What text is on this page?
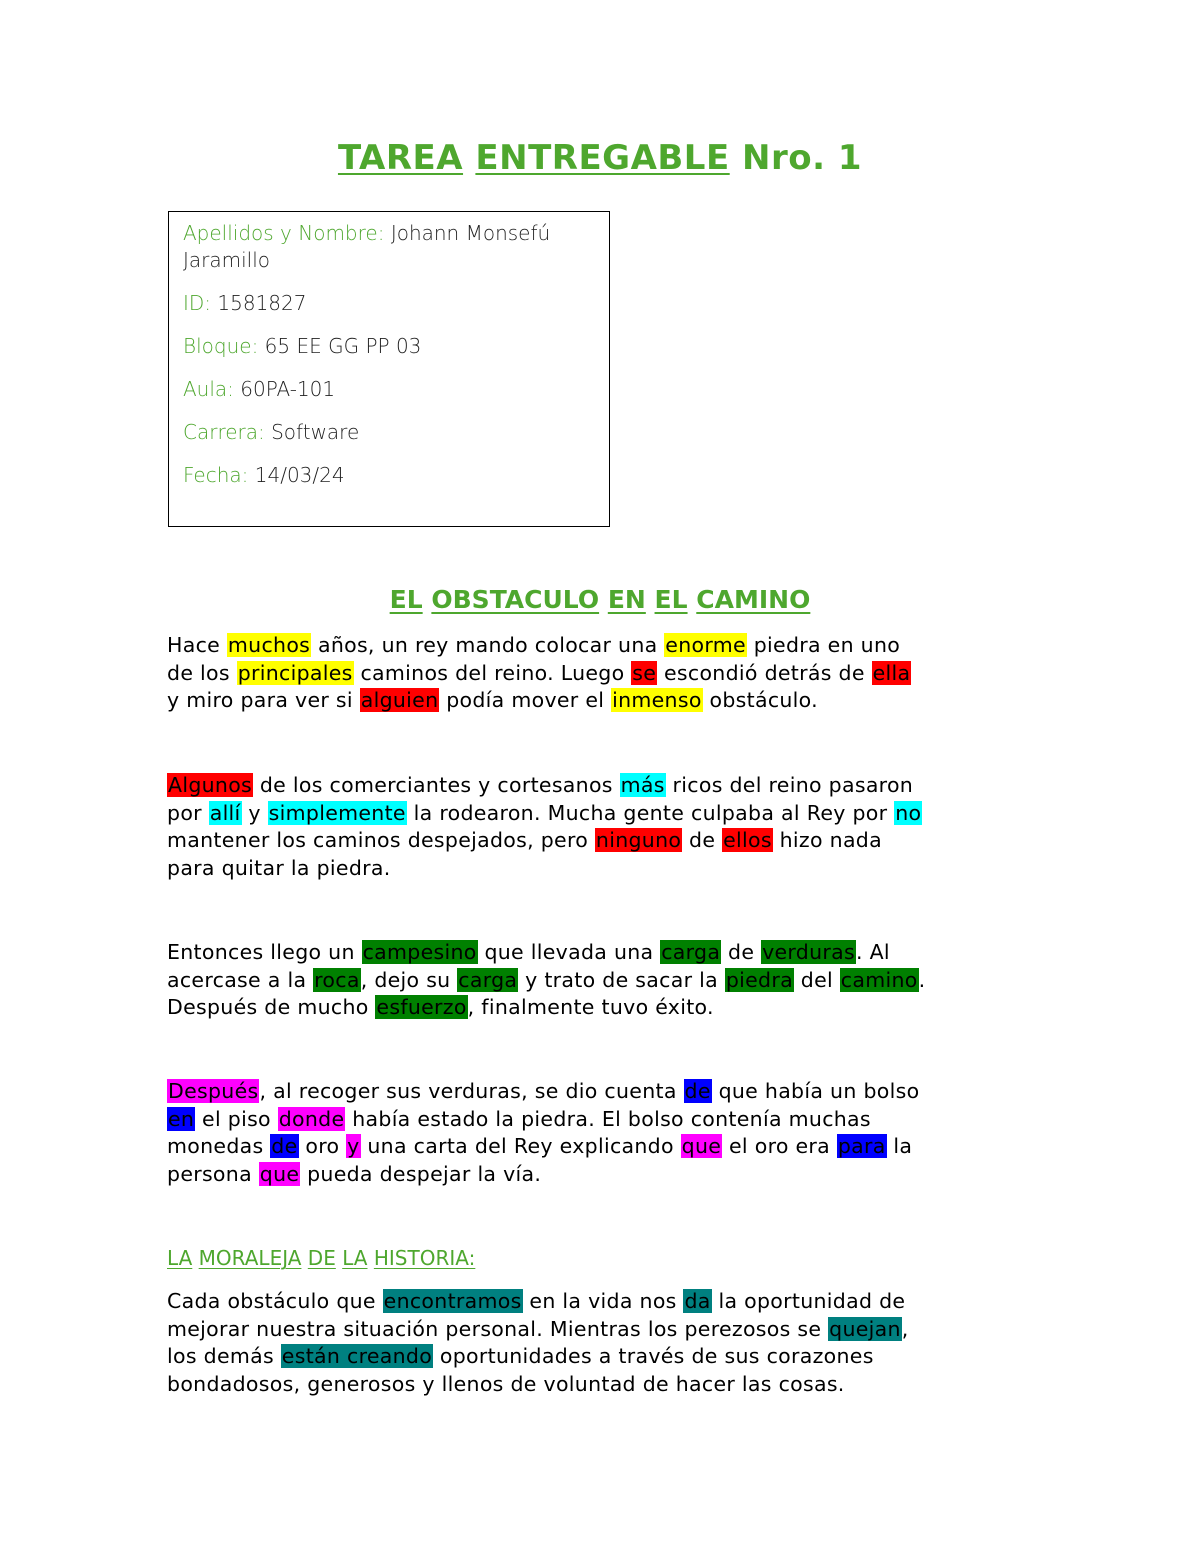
TAREA ENTREGABLE Nro. 1
Apellidos y Nombre: Johann Monsefú
Jaramillo
ID: 1581827
Bloque: 65 EE GG PP 03
Aula: 60PA-101
Carrera: Software
Fecha: 14/03/24
EL OBSTACULO EN EL CAMINO
Hace muchos años, un rey mando colocar una enorme piedra en uno
de los principales caminos del reino. Luego se escondió detrás de ella
y miro para ver si alguien podía mover el inmenso obstáculo.
Algunos de los comerciantes y cortesanos más ricos del reino pasaron
por allí y simplemente la rodearon. Mucha gente culpaba al Rey por no
mantener los caminos despejados, pero ninguno de ellos hizo nada
para quitar la piedra.
Entonces llego un campesino que llevada una carga de verduras. Al
acercase a la roca, dejo su carga y trato de sacar la piedra del camino.
Después de mucho esfuerzo, finalmente tuvo éxito.
Después, al recoger sus verduras, se dio cuenta de que había un bolso
en el piso donde había estado la piedra. El bolso contenía muchas
monedas de oro y una carta del Rey explicando que el oro era para la
persona que pueda despejar la vía.
LA MORALEJA DE LA HISTORIA:
Cada obstáculo que encontramos en la vida nos da la oportunidad de
mejorar nuestra situación personal. Mientras los perezosos se quejan,
los demás están creando oportunidades a través de sus corazones
bondadosos, generosos y llenos de voluntad de hacer las cosas.
